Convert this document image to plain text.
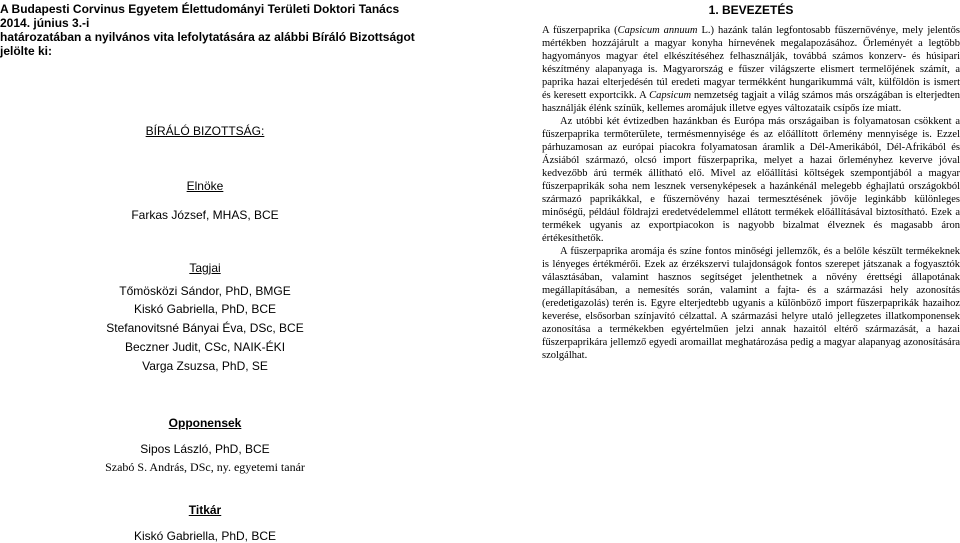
A Budapesti Corvinus Egyetem Élettudományi Területi Doktori Tanács 2014. június 3.-i
határozatában a nyilvános vita lefolytatására az alábbi Bíráló Bizottságot jelölte ki:
BÍRÁLÓ BIZOTTSÁG:
Elnöke
Farkas József, MHAS, BCE
Tagjai
Tőmösközi Sándor, PhD, BMGE
Kiskó Gabriella, PhD, BCE
Stefanovitsné Bányai Éva, DSc, BCE
Beczner Judit, CSc, NAIK-ÉKI
Varga Zsuzsa, PhD, SE
Opponensek
Sipos László, PhD, BCE
Szabó S. András, DSc, ny. egyetemi tanár
Titkár
Kiskó Gabriella, PhD, BCE
1. BEVEZETÉS

A fűszerpaprika (Capsicum annuum L.) hazánk talán legfontosabb fűszernövénye, mely jelentős mértékben hozzájárult a magyar konyha hírnevének megalapozásához. Őrleményét a legtöbb hagyományos magyar étel elkészítéséhez felhasználják, továbbá számos konzerv- és húsipari készítmény alapanyaga is. Magyarország e fűszer világszerte elismert termelőjének számít, a paprika hazai elterjedésén túl eredeti magyar termékként hungarikummá vált, külföldön is ismert és keresett exportcikk. A Capsicum nemzetség tagjait a világ számos más országában is elterjedten használják élénk színük, kellemes aromájuk illetve egyes változataik csípős íze miatt.

Az utóbbi két évtizedben hazánkban és Európa más országaiban is folyamatosan csökkent a fűszerpaprika termőterülete, termésmennyisége és az előállított őrlemény mennyisége is. Ezzel párhuzamosan az európai piacokra folyamatosan áramlik a Dél-Amerikából, Dél-Afrikából és Ázsiából származó, olcsó import fűszerpaprika, melyet a hazai őrleményhez keverve jóval kedvezőbb árú termék állítható elő. Mivel az előállítási költségek szempontjából a magyar fűszerpaprikák soha nem lesznek versenyképesek a hazánkénál melegebb éghajlatú országokból származó paprikákkal, e fűszernövény hazai termesztésének jövője leginkább különleges minőségű, például földrajzi eredetvédelemmel ellátott termékek előállításával biztosítható. Ezek a termékek ugyanis az exportpiacokon is nagyobb bizalmat élveznek és magasabb áron értékesíthetők.

A fűszerpaprika aromája és színe fontos minőségi jellemzők, és a belőle készült termékeknek is lényeges értékmérői. Ezek az érzékszervi tulajdonságok fontos szerepet játszanak a fogyasztók választásában, valamint hasznos segítséget jelenthetnek a növény érettségi állapotának megállapításában, a nemesítés során, valamint a fajta- és a származási hely azonosítás (eredetigazolás) terén is. Egyre elterjedtebb ugyanis a különböző import fűszerpaprikák hazaihoz keverése, elsősorban színjavító célzattal. A származási helyre utaló jellegzetes illatkomponensek azonosítása a termékekben egyértelműen jelzi annak hazaitól eltérő származását, a hazai fűszerpaprikára jellemző egyedi aromaillat meghatározása pedig a magyar alapanyag azonosítására szolgálhat.
